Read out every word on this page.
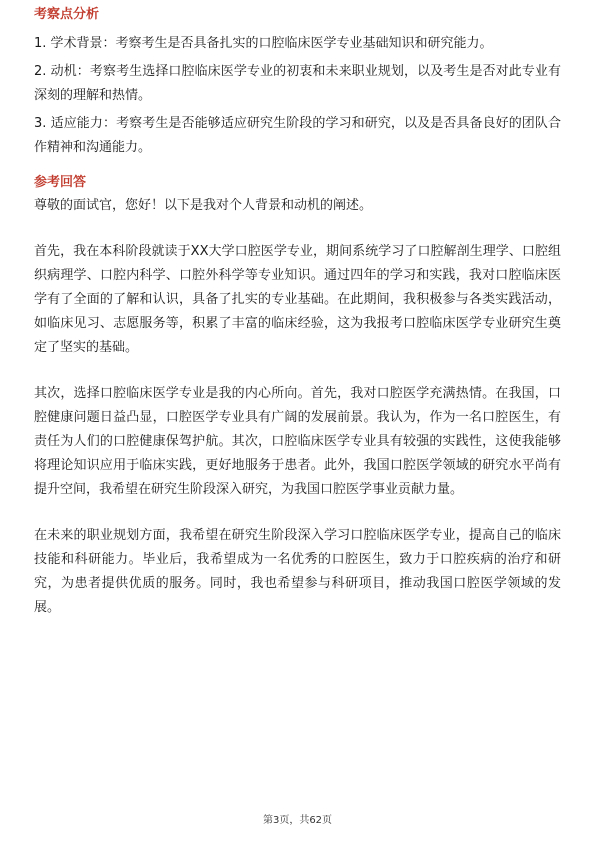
考察点分析

1. 学术背景：考察考生是否具备扎实的口腔临床医学专业基础知识和研究能力。

2. 动机：考察考生选择口腔临床医学专业的初衷和未来职业规划，以及考生是否对此专业有深刻的理解和热情。

3. 适应能力：考察考生是否能够适应研究生阶段的学习和研究，以及是否具备良好的团队合作精神和沟通能力。

参考回答

尊敬的面试官，您好！以下是我对个人背景和动机的阐述。

首先，我在本科阶段就读于XX大学口腔医学专业，期间系统学习了口腔解剖生理学、口腔组织病理学、口腔内科学、口腔外科学等专业知识。通过四年的学习和实践，我对口腔临床医学有了全面的了解和认识，具备了扎实的专业基础。在此期间，我积极参与各类实践活动，如临床见习、志愿服务等，积累了丰富的临床经验，这为我报考口腔临床医学专业研究生奠定了坚实的基础。

其次，选择口腔临床医学专业是我的内心所向。首先，我对口腔医学充满热情。在我国，口腔健康问题日益凸显，口腔医学专业具有广阔的发展前景。我认为，作为一名口腔医生，有责任为人们的口腔健康保驾护航。其次，口腔临床医学专业具有较强的实践性，这使我能够将理论知识应用于临床实践，更好地服务于患者。此外，我国口腔医学领域的研究水平尚有提升空间，我希望在研究生阶段深入研究，为我国口腔医学事业贡献力量。

在未来的职业规划方面，我希望在研究生阶段深入学习口腔临床医学专业，提高自己的临床技能和科研能力。毕业后，我希望成为一名优秀的口腔医生，致力于口腔疾病的治疗和研究，为患者提供优质的服务。同时，我也希望参与科研项目，推动我国口腔医学领域的发展。

第3页，共62页
